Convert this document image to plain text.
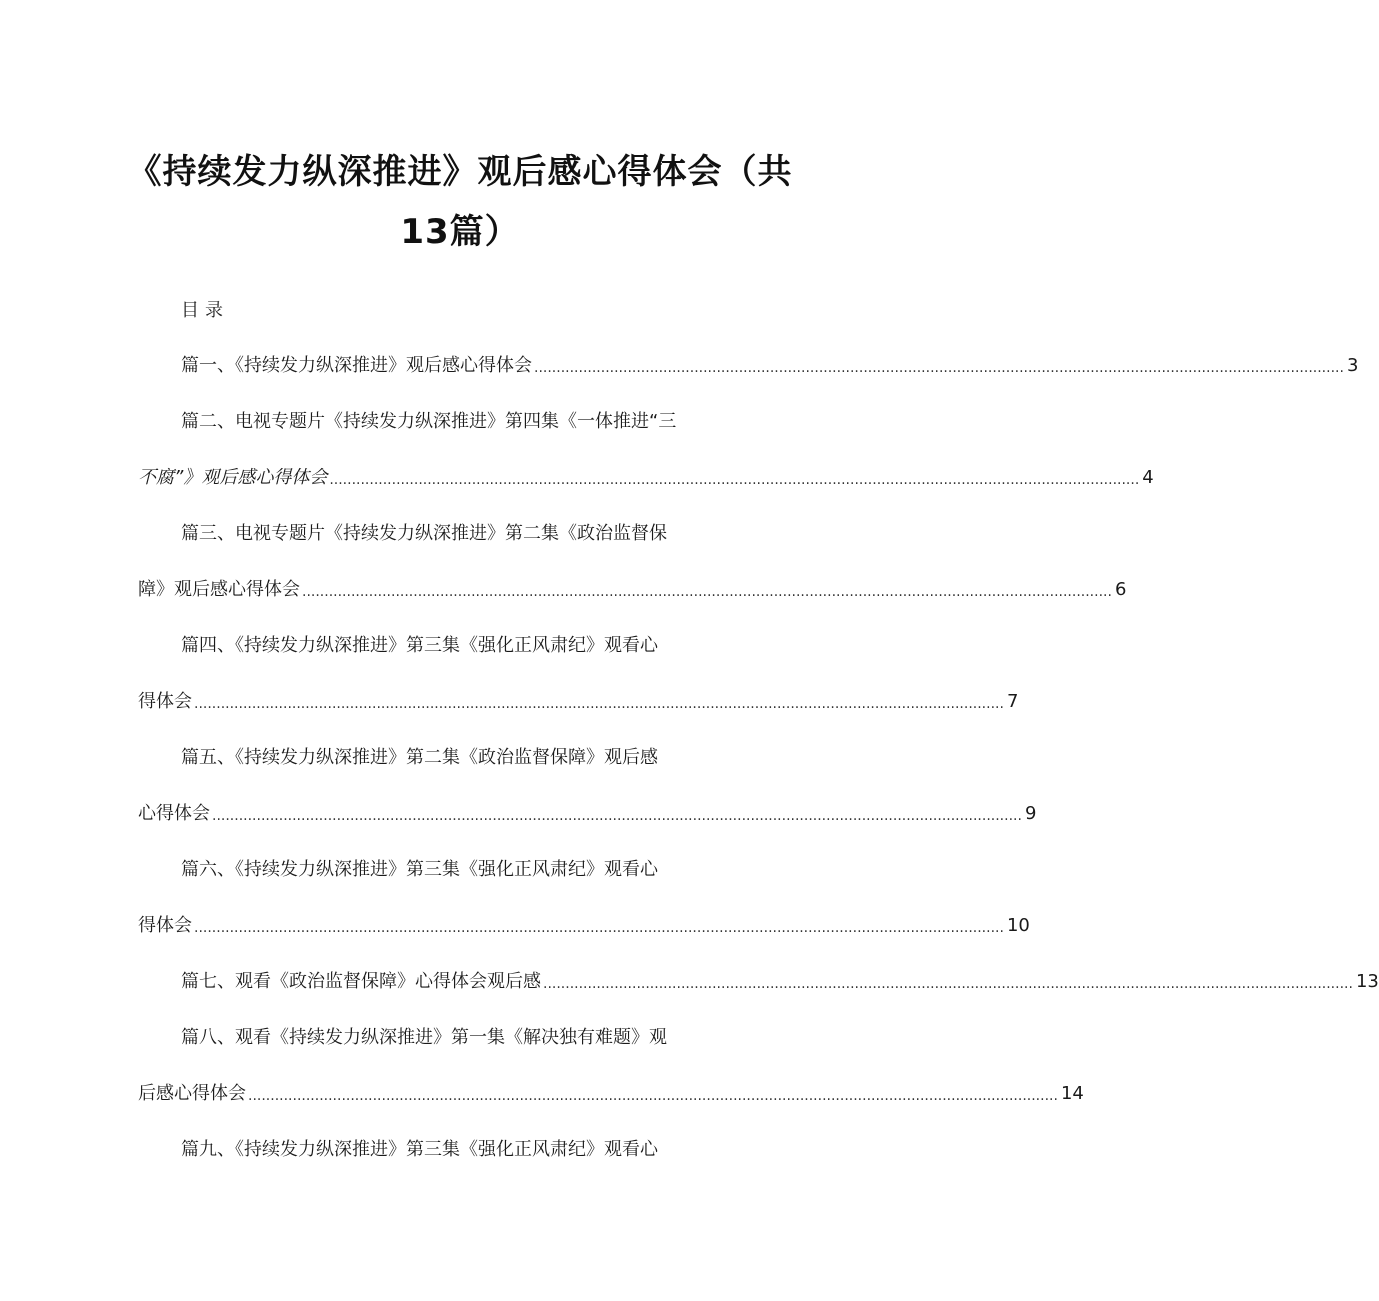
《持续发力纵深推进》观后感心得体会（共
13篇）
目录
篇一、《持续发力纵深推进》观后感心得体会 ...................................................................................................................................................................................... 3
篇二、电视专题片《持续发力纵深推进》第四集《一体推进“三
不腐”》观后感心得体会 ...................................................................................................................................................................................... 4
篇三、电视专题片《持续发力纵深推进》第二集《政治监督保
障》观后感心得体会 ...................................................................................................................................................................................... 6
篇四、《持续发力纵深推进》第三集《强化正风肃纪》观看心
得体会 ...................................................................................................................................................................................... 7
篇五、《持续发力纵深推进》第二集《政治监督保障》观后感
心得体会 ...................................................................................................................................................................................... 9
篇六、《持续发力纵深推进》第三集《强化正风肃纪》观看心
得体会 ...................................................................................................................................................................................... 10
篇七、观看《政治监督保障》心得体会观后感 ...................................................................................................................................................................................... 13
篇八、观看《持续发力纵深推进》第一集《解决独有难题》观
后感心得体会 ...................................................................................................................................................................................... 14
篇九、《持续发力纵深推进》第三集《强化正风肃纪》观看心
